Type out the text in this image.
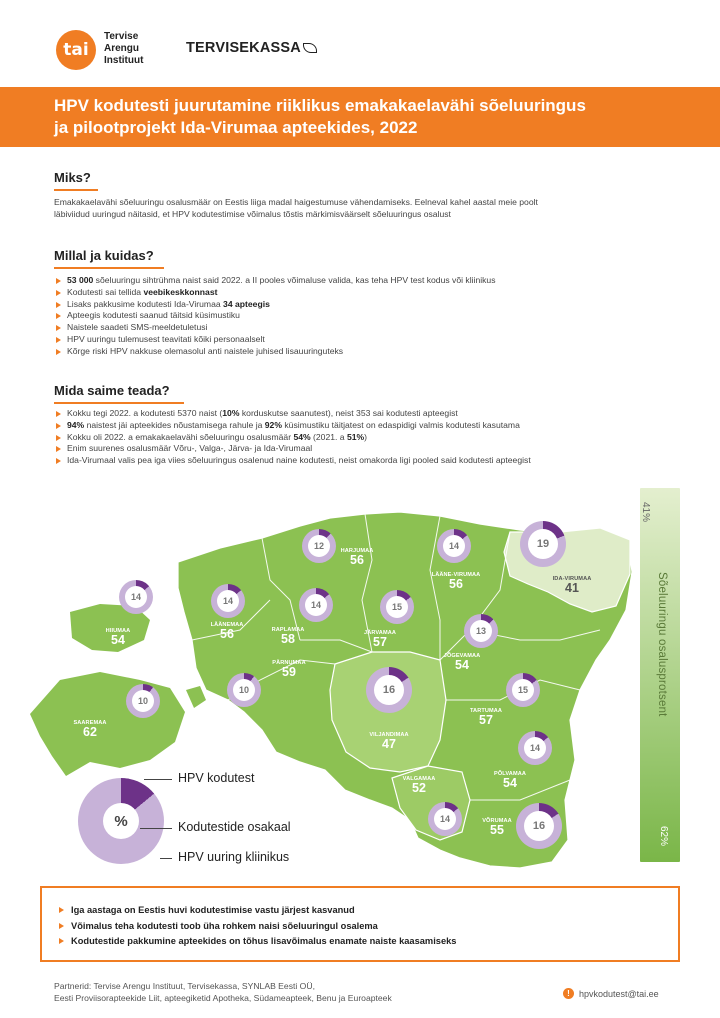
tai
Tervise
Arengu
Instituut
TERVISEKASSA
HPV kodutesti juurutamine riiklikus emakakaelavähi sõeluuringus
ja pilootprojekt Ida-Virumaa apteekides, 2022
Miks?
Emakakaelavähi sõeluuringu osalusmäär on Eestis liiga madal haigestumuse vähendamiseks. Eelneval kahel aastal meie poolt
läbiviidud uuringud näitasid, et HPV kodutestimise võimalus tõstis märkimisväärselt sõeluuringus osalust
Millal ja kuidas?
53 000 sõeluuringu sihtrühma naist said 2022. a II pooles võimaluse valida, kas teha HPV test kodus või kliinikus
Kodutesti sai tellida veebikeskkonnast
Lisaks pakkusime kodutesti Ida-Virumaa 34 apteegis
Apteegis kodutesti saanud täitsid küsimustiku
Naistele saadeti SMS-meeldetuletusi
HPV uuringu tulemusest teavitati kõiki personaalselt
Kõrge riski HPV nakkuse olemasolul anti naistele juhised lisauuringuteks
Mida saime teada?
Kokku tegi 2022. a kodutesti 5370 naist (10% korduskutse saanutest), neist 353 sai kodutesti apteegist
94% naistest jäi apteekides nõustamisega rahule ja 92% küsimustiku täitjatest on edaspidigi valmis kodutesti kasutama
Kokku oli 2022. a emakakaelavähi sõeluuringu osalusmäär 54% (2021. a 51%)
Enim suurenes osalusmäär Võru-, Valga-, Järva- ja Ida-Virumaal
Ida-Virumaal valis pea iga viies sõeluuringus osalenud naine kodutesti, neist omakorda ligi pooled said kodutesti apteegist
12	HARJUMAA
56
14
LÄÄNE-VIRUMAA
56
19
IDA-VIRUMAA
41
14
HIIUMAA
54
14
LÄÄNEMAA
56
14
RAPLAMAA
58
15
JÄRVAMAA
57
13
JÕGEVAMAA
54
10
PÄRNUMAA
59
10
SAAREMAA
62
16
VILJANDIMAA
47
15
TARTUMAA
57
14
PÕLVAMAA
54
14
VALGAMAA
52
16
VÕRUMAA
55
%
HPV kodutest
Kodutestide osakaal
HPV uuring kliinikus
41%
Sõeluuringu osalusprotsent
62%
Iga aastaga on Eestis huvi kodutestimise vastu järjest kasvanud
Võimalus teha kodutesti toob üha rohkem naisi sõeluuringul osalema
Kodutestide pakkumine apteekides on tõhus lisavõimalus enamate naiste kaasamiseks
Partnerid: Tervise Arengu Instituut, Tervisekassa, SYNLAB Eesti OÜ,
Eesti Proviisorapteekide Liit, apteegiketid Apotheka, Südameapteek, Benu ja Euroapteek	!	hpvkodutest@tai.ee
